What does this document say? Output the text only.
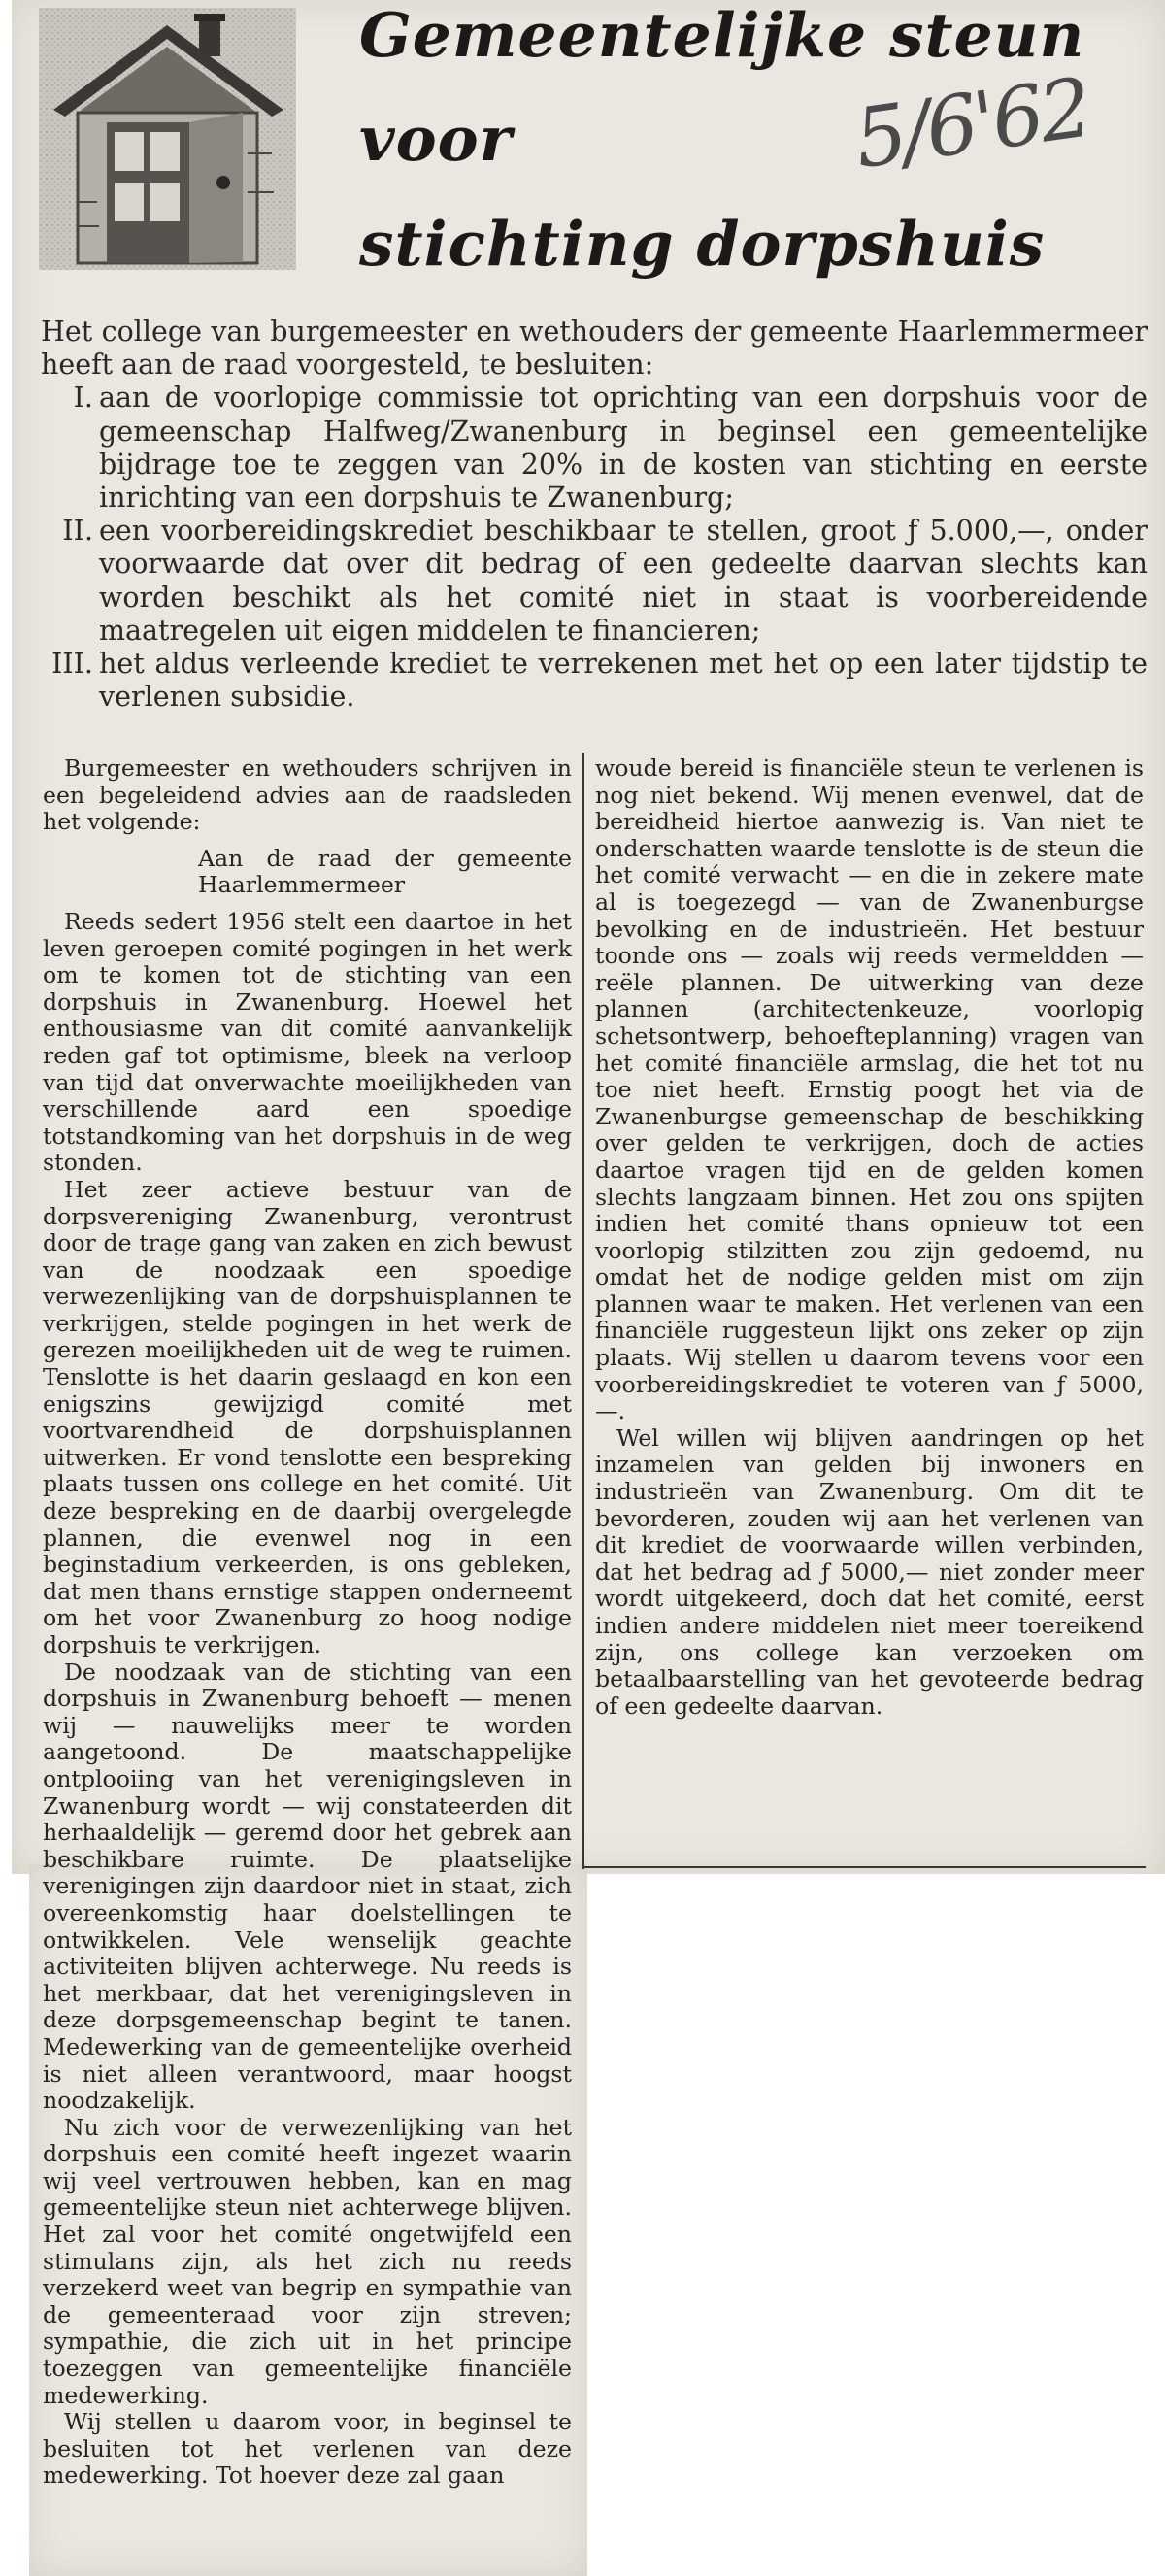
Gemeentelijke steun
voor
stichting dorpshuis
5/6'62

Het college van burgemeester en wethouders der gemeente Haarlemmermeer heeft aan de raad voorgesteld, te besluiten:

I. aan de voorlopige commissie tot oprichting van een dorpshuis voor de gemeenschap Halfweg/Zwanenburg in beginsel een gemeentelijke bijdrage toe te zeggen van 20% in de kosten van stichting en eerste inrichting van een dorpshuis te Zwanenburg;
II. een voorbereidingskrediet beschikbaar te stellen, groot ƒ 5.000,—, onder voorwaarde dat over dit bedrag of een gedeelte daarvan slechts kan worden beschikt als het comité niet in staat is voorbereidende maatregelen uit eigen middelen te financieren;
III. het aldus verleende krediet te verrekenen met het op een later tijdstip te verlenen subsidie.

Burgemeester en wethouders schrijven in een begeleidend advies aan de raadsleden het volgende:

Aan de raad der gemeente Haarlemmermeer

Reeds sedert 1956 stelt een daartoe in het leven geroepen comité pogingen in het werk om te komen tot de stichting van een dorpshuis in Zwanenburg. Hoewel het enthousiasme van dit comité aanvankelijk reden gaf tot optimisme, bleek na verloop van tijd dat onverwachte moeilijkheden van verschillende aard een spoedige totstandkoming van het dorpshuis in de weg stonden.

Het zeer actieve bestuur van de dorpsvereniging Zwanenburg, verontrust door de trage gang van zaken en zich bewust van de noodzaak een spoedige verwezenlijking van de dorpshuisplannen te verkrijgen, stelde pogingen in het werk de gerezen moeilijkheden uit de weg te ruimen. Tenslotte is het daarin geslaagd en kon een enigszins gewijzigd comité met voortvarendheid de dorpshuisplannen uitwerken. Er vond tenslotte een bespreking plaats tussen ons college en het comité. Uit deze bespreking en de daarbij overgelegde plannen, die evenwel nog in een beginstadium verkeerden, is ons gebleken, dat men thans ernstige stappen onderneemt om het voor Zwanenburg zo hoog nodige dorpshuis te verkrijgen.

De noodzaak van de stichting van een dorpshuis in Zwanenburg behoeft — menen wij — nauwelijks meer te worden aangetoond. De maatschappelijke ontplooiing van het verenigingsleven in Zwanenburg wordt — wij constateerden dit herhaaldelijk — geremd door het gebrek aan beschikbare ruimte. De plaatselijke verenigingen zijn daardoor niet in staat, zich overeenkomstig haar doelstellingen te ontwikkelen. Vele wenselijk geachte activiteiten blijven achterwege. Nu reeds is het merkbaar, dat het verenigingsleven in deze dorpsgemeenschap begint te tanen. Medewerking van de gemeentelijke overheid is niet alleen verantwoord, maar hoogst noodzakelijk.

Nu zich voor de verwezenlijking van het dorpshuis een comité heeft ingezet waarin wij veel vertrouwen hebben, kan en mag gemeentelijke steun niet achterwege blijven. Het zal voor het comité ongetwijfeld een stimulans zijn, als het zich nu reeds verzekerd weet van begrip en sympathie van de gemeenteraad voor zijn streven; sympathie, die zich uit in het principe toezeggen van gemeentelijke financiële medewerking.

Wij stellen u daarom voor, in beginsel te besluiten tot het verlenen van deze medewerking. Tot hoever deze zal gaan

woude bereid is financiële steun te verlenen is nog niet bekend. Wij menen evenwel, dat de bereidheid hiertoe aanwezig is. Van niet te onderschatten waarde tenslotte is de steun die het comité verwacht — en die in zekere mate al is toegezegd — van de Zwanenburgse bevolking en de industrieën. Het bestuur toonde ons — zoals wij reeds vermeldden — reële plannen. De uitwerking van deze plannen (architectenkeuze, voorlopig schetsontwerp, behoefteplanning) vragen van het comité financiële armslag, die het tot nu toe niet heeft. Ernstig poogt het via de Zwanenburgse gemeenschap de beschikking over gelden te verkrijgen, doch de acties daartoe vragen tijd en de gelden komen slechts langzaam binnen. Het zou ons spijten indien het comité thans opnieuw tot een voorlopig stilzitten zou zijn gedoemd, nu omdat het de nodige gelden mist om zijn plannen waar te maken. Het verlenen van een financiële ruggesteun lijkt ons zeker op zijn plaats. Wij stellen u daarom tevens voor een voorbereidingskrediet te voteren van ƒ 5000,—.

Wel willen wij blijven aandringen op het inzamelen van gelden bij inwoners en industrieën van Zwanenburg. Om dit te bevorderen, zouden wij aan het verlenen van dit krediet de voorwaarde willen verbinden, dat het bedrag ad ƒ 5000,— niet zonder meer wordt uitgekeerd, doch dat het comité, eerst indien andere middelen niet meer toereikend zijn, ons college kan verzoeken om betaalbaarstelling van het gevoteerde bedrag of een gedeelte daarvan.
